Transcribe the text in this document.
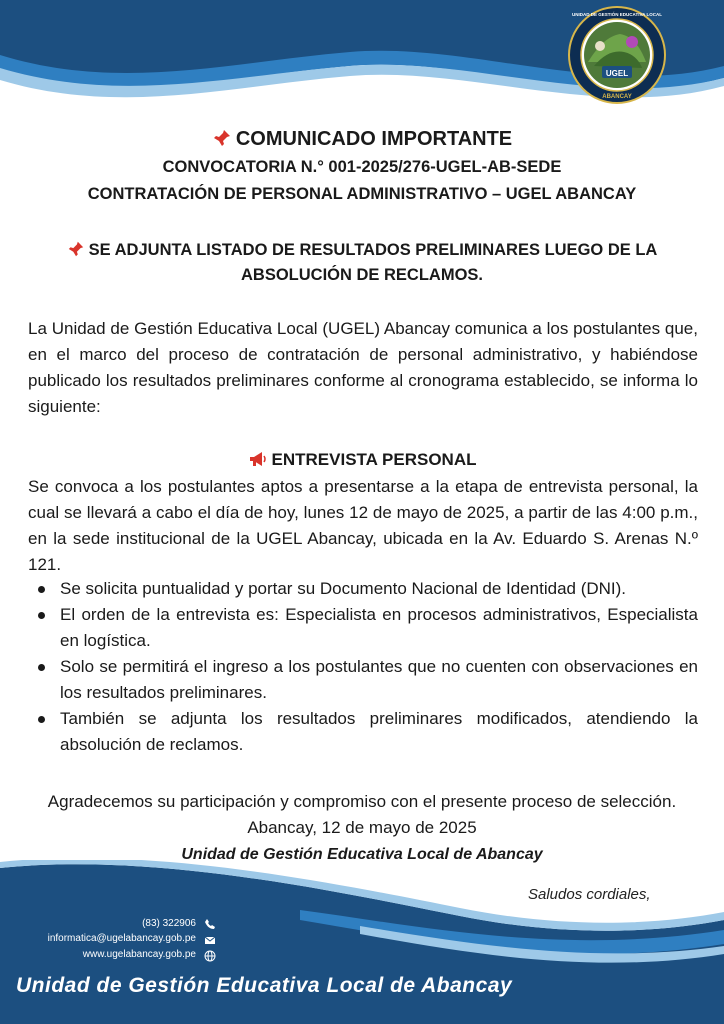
UGEL
ABANCAY
UNIDAD DE GESTIÓN EDUCATIVA LOCAL
COMUNICADO IMPORTANTE
CONVOCATORIA N.° 001-2025/276-UGEL-AB-SEDE
CONTRATACIÓN DE PERSONAL ADMINISTRATIVO – UGEL ABANCAY
SE ADJUNTA LISTADO DE RESULTADOS PRELIMINARES LUEGO DE LA
ABSOLUCIÓN DE RECLAMOS.
La Unidad de Gestión Educativa Local (UGEL) Abancay comunica a los postulantes que, en el marco del proceso de contratación de personal administrativo, y habiéndose publicado los resultados preliminares conforme al cronograma establecido, se informa lo siguiente:
ENTREVISTA PERSONAL
Se convoca a los postulantes aptos a presentarse a la etapa de entrevista personal, la cual se llevará a cabo el día de hoy, lunes 12 de mayo de 2025, a partir de las 4:00 p.m., en la sede institucional de la UGEL Abancay, ubicada en la Av. Eduardo S. Arenas N.º 121.
Se solicita puntualidad y portar su Documento Nacional de Identidad (DNI).
El orden de la entrevista es: Especialista en procesos administrativos, Especialista en logística.
Solo se permitirá el ingreso a los postulantes que no cuenten con observaciones en los resultados preliminares.
También se adjunta los resultados preliminares modificados, atendiendo la absolución de reclamos.
Agradecemos su participación y compromiso con el presente proceso de selección.
Abancay, 12 de mayo de 2025
Unidad de Gestión Educativa Local de Abancay
Saludos cordiales,
(83) 322906
informatica@ugelabancay.gob.pe
www.ugelabancay.gob.pe
Unidad de Gestión Educativa Local de Abancay
